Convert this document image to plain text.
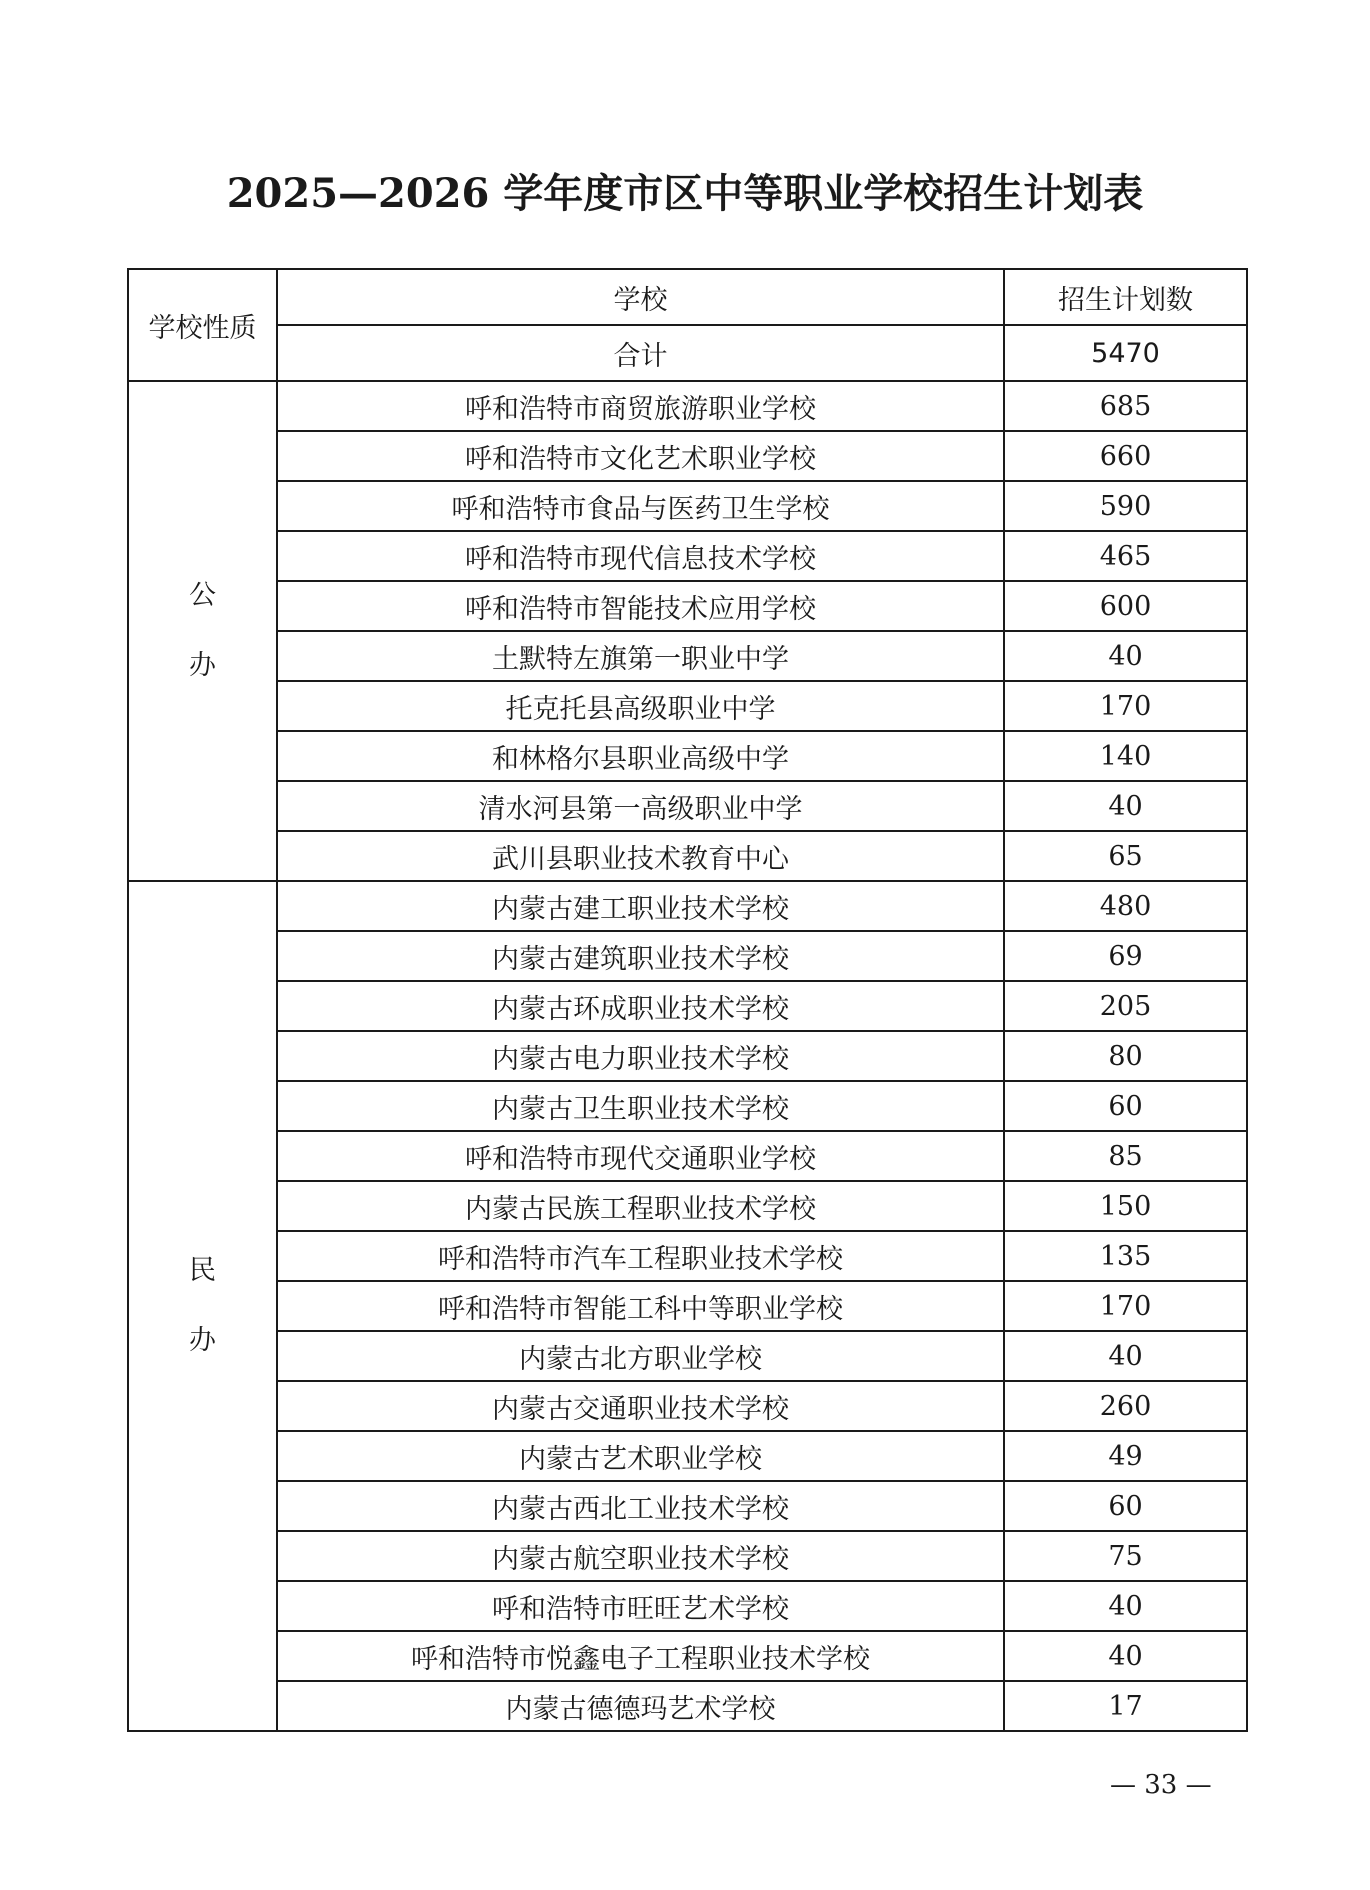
2025—2026 学年度市区中等职业学校招生计划表
学校性质	学校	招生计划数
	合计	5470

公
办	呼和浩特市商贸旅游职业学校	685
	呼和浩特市文化艺术职业学校	660
	呼和浩特市食品与医药卫生学校	590
	呼和浩特市现代信息技术学校	465
	呼和浩特市智能技术应用学校	600
	土默特左旗第一职业中学	40
	托克托县高级职业中学	170
	和林格尔县职业高级中学	140
	清水河县第一高级职业中学	40
	武川县职业技术教育中心	65

民
办	内蒙古建工职业技术学校	480
	内蒙古建筑职业技术学校	69
	内蒙古环成职业技术学校	205
	内蒙古电力职业技术学校	80
	内蒙古卫生职业技术学校	60
	呼和浩特市现代交通职业学校	85
	内蒙古民族工程职业技术学校	150
	呼和浩特市汽车工程职业技术学校	135
	呼和浩特市智能工科中等职业学校	170
	内蒙古北方职业学校	40
	内蒙古交通职业技术学校	260
	内蒙古艺术职业学校	49
	内蒙古西北工业技术学校	60
	内蒙古航空职业技术学校	75
	呼和浩特市旺旺艺术学校	40
	呼和浩特市悦鑫电子工程职业技术学校	40
	内蒙古德德玛艺术学校	17
— 33 —
